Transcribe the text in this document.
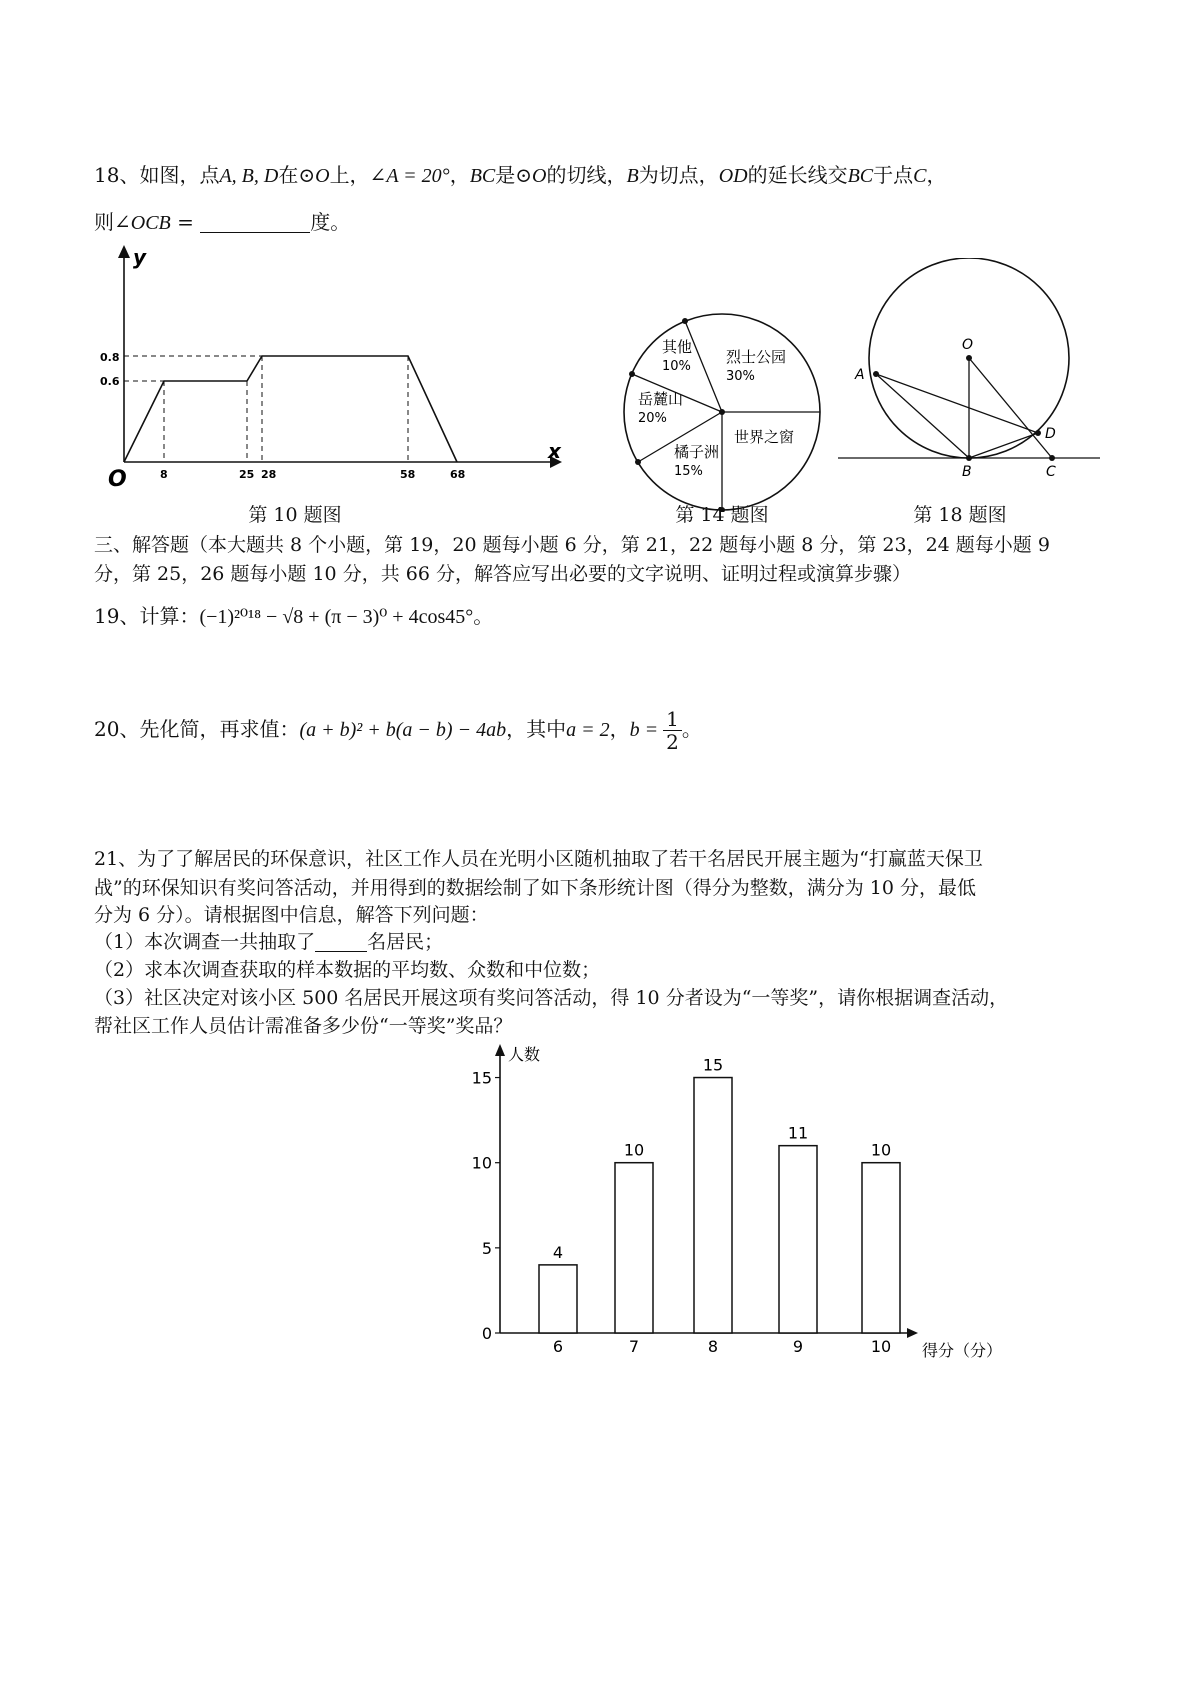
18、如图，点A, B, D在⊙O上，∠A = 20°，BC是⊙O的切线，B为切点，OD的延长线交BC于点C，
则∠OCB =	度。
y
x
O
0.8
0.6
8	25 28	58	68
第 10 题图
其他
10%
烈士公园
30%
岳麓山
20%
橘子洲
15%
世界之窗
第 14 题图
O
A
B	C
D
第 18 题图
三、解答题（本大题共 8 个小题，第 19，20 题每小题 6 分，第 21，22 题每小题 8 分，第 23，24 题每小题 9
分，第 25，26 题每小题 10 分，共 66 分，解答应写出必要的文字说明、证明过程或演算步骤）
19、计算：(−1)²⁰¹⁸ − √8 + (π − 3)⁰ + 4cos45°。
20、先化简，再求值：(a + b)² + b(a − b) − 4ab，其中a = 2，$b = \frac{1}{2}$ 。
21、为了了解居民的环保意识，社区工作人员在光明小区随机抽取了若干名居民开展主题为“打赢蓝天保卫
战”的环保知识有奖问答活动，并用得到的数据绘制了如下条形统计图（得分为整数，满分为 10 分，最低
分为 6 分）。请根据图中信息，解答下列问题：
（1）本次调查一共抽取了	名居民；
（2）求本次调查获取的样本数据的平均数、众数和中位数；
（3）社区决定对该小区 500 名居民开展这项有奖问答活动，得 10 分者设为“一等奖”，请你根据调查活动，
帮社区工作人员估计需准备多少份“一等奖”奖品？
人数
得分（分）
0
5
10
15
4
6
10
7
15
8
11
9
10
10
